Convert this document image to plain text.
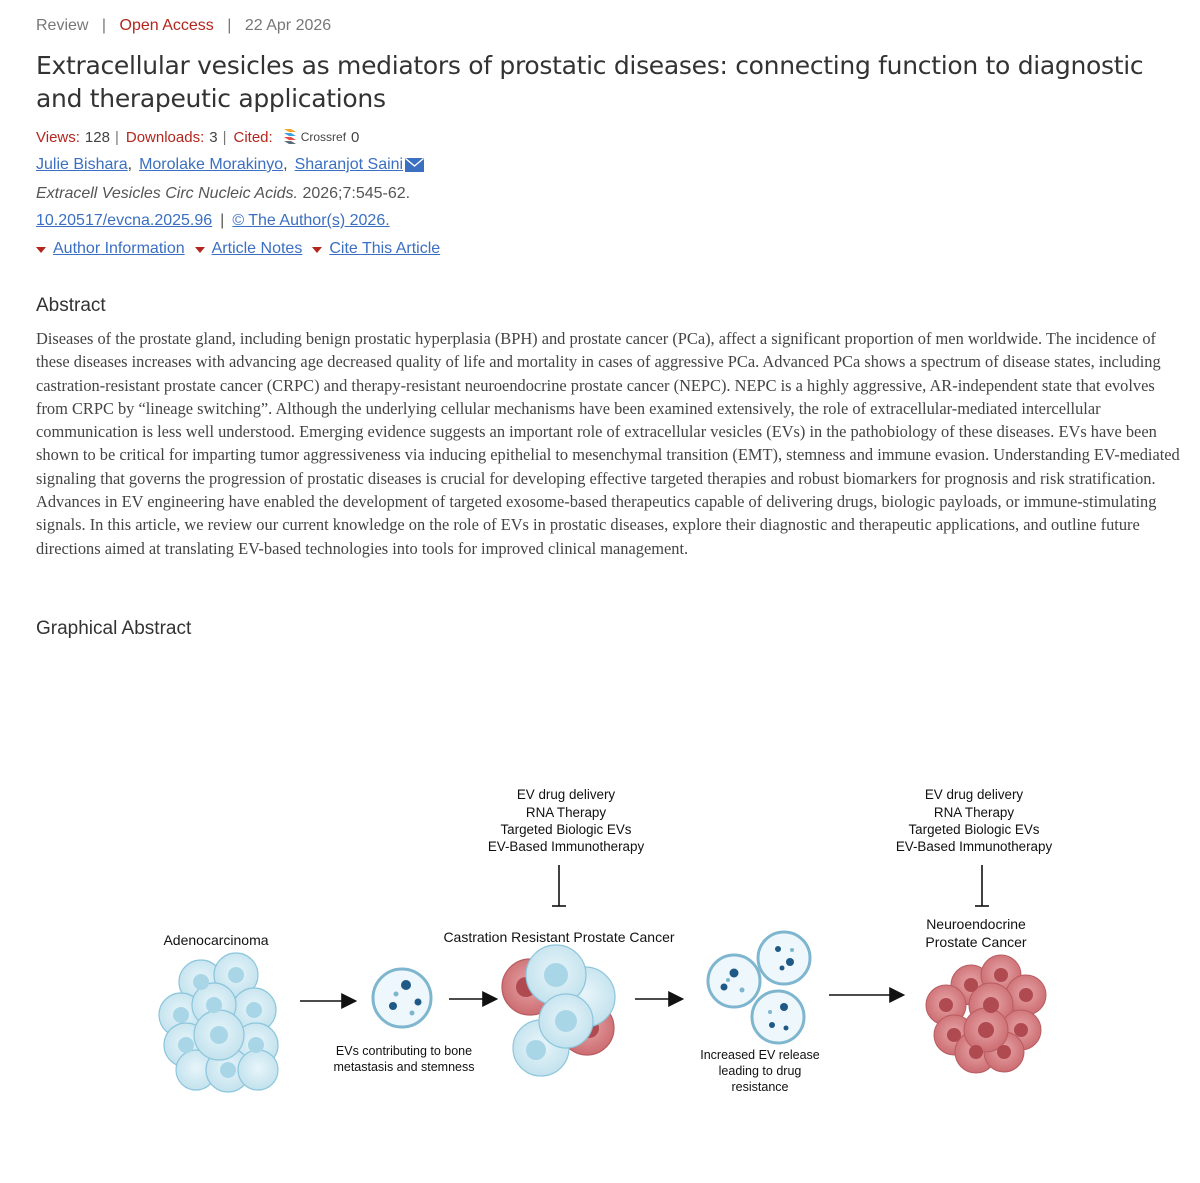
Review | Open Access | 22 Apr 2026
Extracellular vesicles as mediators of prostatic diseases: connecting function to diagnostic and therapeutic applications
Views: 128 | Downloads: 3 | Cited: Crossref 0
Julie Bishara , Morolake Morakinyo , Sharanjot Saini
Extracell Vesicles Circ Nucleic Acids. 2026;7:545-62.
10.20517/evcna.2025.96 | © The Author(s) 2026.
Author Information Article Notes Cite This Article
Abstract

Diseases of the prostate gland, including benign prostatic hyperplasia (BPH) and prostate cancer (PCa), affect a significant proportion of men worldwide. The incidence of these diseases increases with advancing age decreased quality of life and mortality in cases of aggressive PCa. Advanced PCa shows a spectrum of disease states, including castration-resistant prostate cancer (CRPC) and therapy-resistant neuroendocrine prostate cancer (NEPC). NEPC is a highly aggressive, AR-independent state that evolves from CRPC by “lineage switching”. Although the underlying cellular mechanisms have been examined extensively, the role of extracellular-mediated intercellular communication is less well understood. Emerging evidence suggests an important role of extracellular vesicles (EVs) in the pathobiology of these diseases. EVs have been shown to be critical for imparting tumor aggressiveness via inducing epithelial to mesenchymal transition (EMT), stemness and immune evasion. Understanding EV-mediated signaling that governs the progression of prostatic diseases is crucial for developing effective targeted therapies and robust biomarkers for prognosis and risk stratification. Advances in EV engineering have enabled the development of targeted exosome-based therapeutics capable of delivering drugs, biologic payloads, or immune-stimulating signals. In this article, we review our current knowledge on the role of EVs in prostatic diseases, explore their diagnostic and therapeutic applications, and outline future directions aimed at translating EV-based technologies into tools for improved clinical management.

Graphical Abstract
EV drug delivery
RNA Therapy
Targeted Biologic EVs
EV-Based Immunotherapy
EV drug delivery
RNA Therapy
Targeted Biologic EVs
EV-Based Immunotherapy
Adenocarcinoma	Castration Resistant Prostate Cancer
Neuroendocrine
Prostate Cancer
EVs contributing to bone
metastasis and stemness
Increased EV release
leading to drug
resistance
